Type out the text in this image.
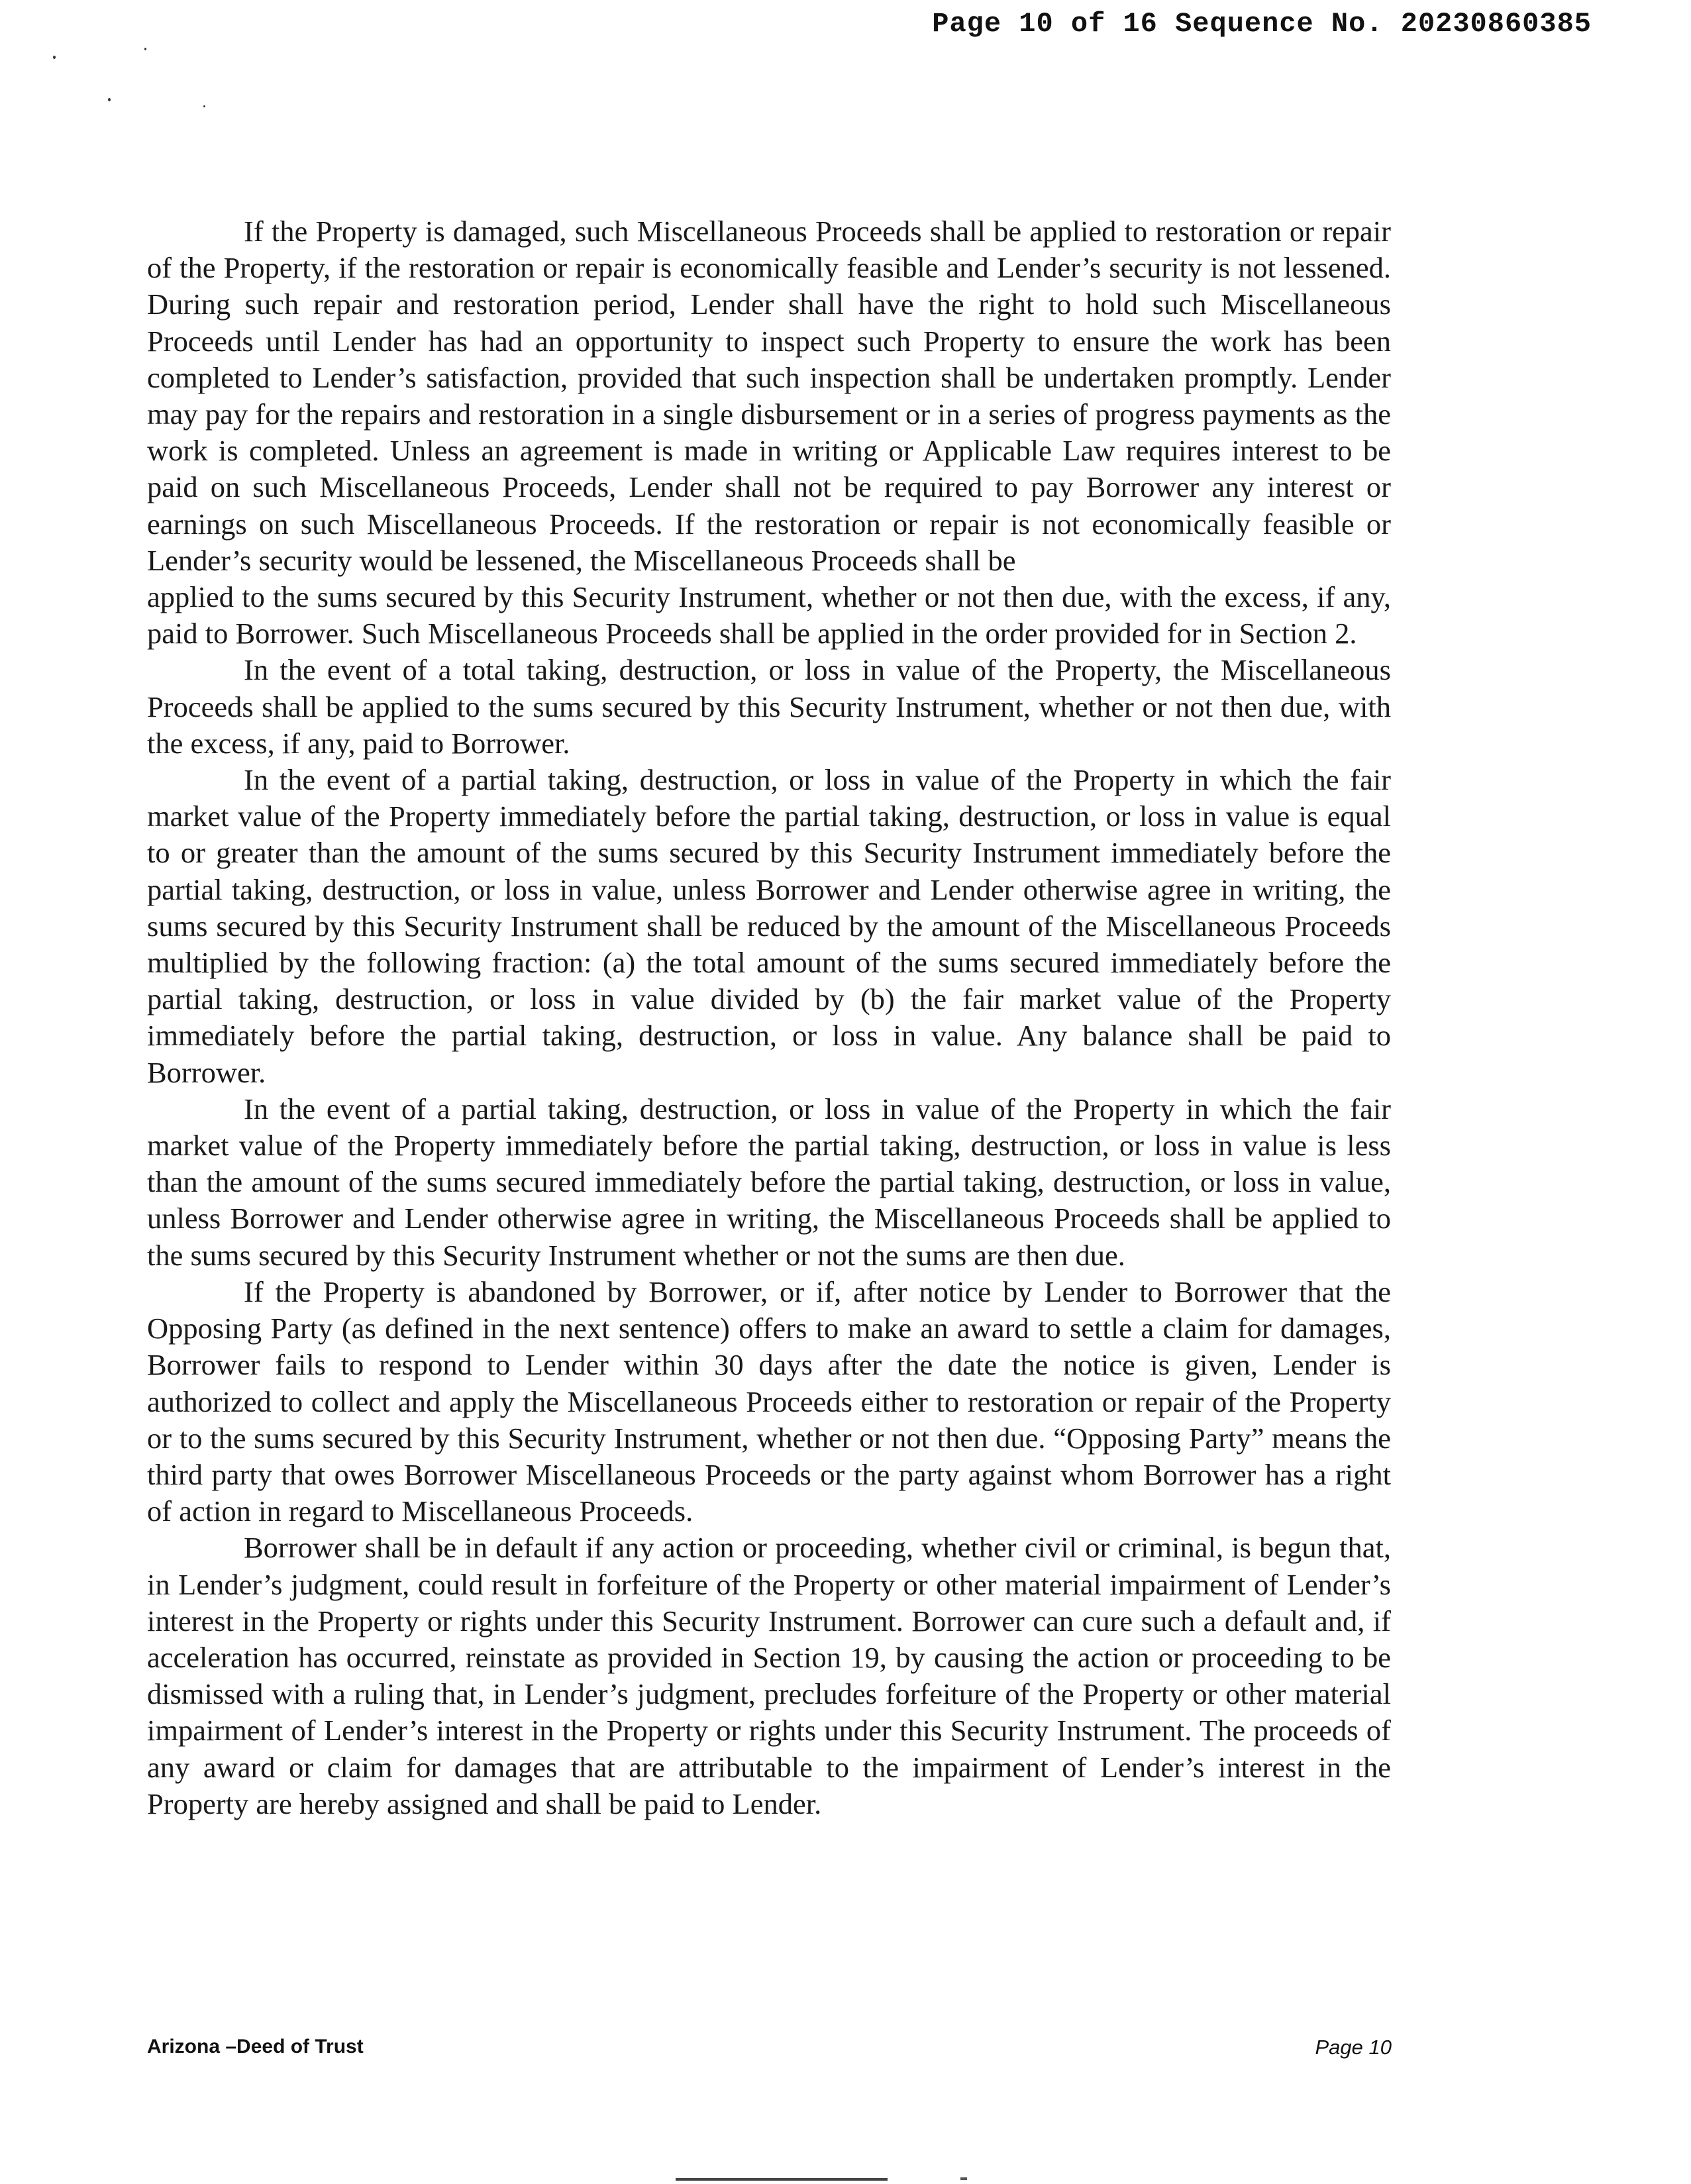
Page 10 of 16 Sequence No. 20230860385

If the Property is damaged, such Miscellaneous Proceeds shall be applied to restoration or repair of the Property, if the restoration or repair is economically feasible and Lender’s security is not lessened. During such repair and restoration period, Lender shall have the right to hold such Miscellaneous Proceeds until Lender has had an opportunity to inspect such Property to ensure the work has been completed to Lender’s satisfaction, provided that such inspection shall be undertaken promptly. Lender may pay for the repairs and restoration in a single disbursement or in a series of progress payments as the work is completed. Unless an agreement is made in writing or Applicable Law requires interest to be paid on such Miscellaneous Proceeds, Lender shall not be required to pay Borrower any interest or earnings on such Miscellaneous Proceeds. If the restoration or repair is not economically feasible or Lender’s security would be lessened, the Miscellaneous Proceeds shall be

applied to the sums secured by this Security Instrument, whether or not then due, with the excess, if any, paid to Borrower. Such Miscellaneous Proceeds shall be applied in the order provided for in Section 2.

In the event of a total taking, destruction, or loss in value of the Property, the Miscellaneous Proceeds shall be applied to the sums secured by this Security Instrument, whether or not then due, with the excess, if any, paid to Borrower.

In the event of a partial taking, destruction, or loss in value of the Property in which the fair market value of the Property immediately before the partial taking, destruction, or loss in value is equal to or greater than the amount of the sums secured by this Security Instrument immediately before the partial taking, destruction, or loss in value, unless Borrower and Lender otherwise agree in writing, the sums secured by this Security Instrument shall be reduced by the amount of the Miscellaneous Proceeds multiplied by the following fraction: (a) the total amount of the sums secured immediately before the partial taking, destruction, or loss in value divided by (b) the fair market value of the Property immediately before the partial taking, destruction, or loss in value. Any balance shall be paid to Borrower.

In the event of a partial taking, destruction, or loss in value of the Property in which the fair market value of the Property immediately before the partial taking, destruction, or loss in value is less than the amount of the sums secured immediately before the partial taking, destruction, or loss in value, unless Borrower and Lender otherwise agree in writing, the Miscellaneous Proceeds shall be applied to the sums secured by this Security Instrument whether or not the sums are then due.

If the Property is abandoned by Borrower, or if, after notice by Lender to Borrower that the Opposing Party (as defined in the next sentence) offers to make an award to settle a claim for damages, Borrower fails to respond to Lender within 30 days after the date the notice is given, Lender is authorized to collect and apply the Miscellaneous Proceeds either to restoration or repair of the Property or to the sums secured by this Security Instrument, whether or not then due. “Opposing Party” means the third party that owes Borrower Miscellaneous Proceeds or the party against whom Borrower has a right of action in regard to Miscellaneous Proceeds.

Borrower shall be in default if any action or proceeding, whether civil or criminal, is begun that, in Lender’s judgment, could result in forfeiture of the Property or other material impairment of Lender’s interest in the Property or rights under this Security Instrument. Borrower can cure such a default and, if acceleration has occurred, reinstate as provided in Section 19, by causing the action or proceeding to be dismissed with a ruling that, in Lender’s judgment, precludes forfeiture of the Property or other material impairment of Lender’s interest in the Property or rights under this Security Instrument. The proceeds of any award or claim for damages that are attributable to the impairment of Lender’s interest in the Property are hereby assigned and shall be paid to Lender.

Arizona –Deed of Trust	Page 10
